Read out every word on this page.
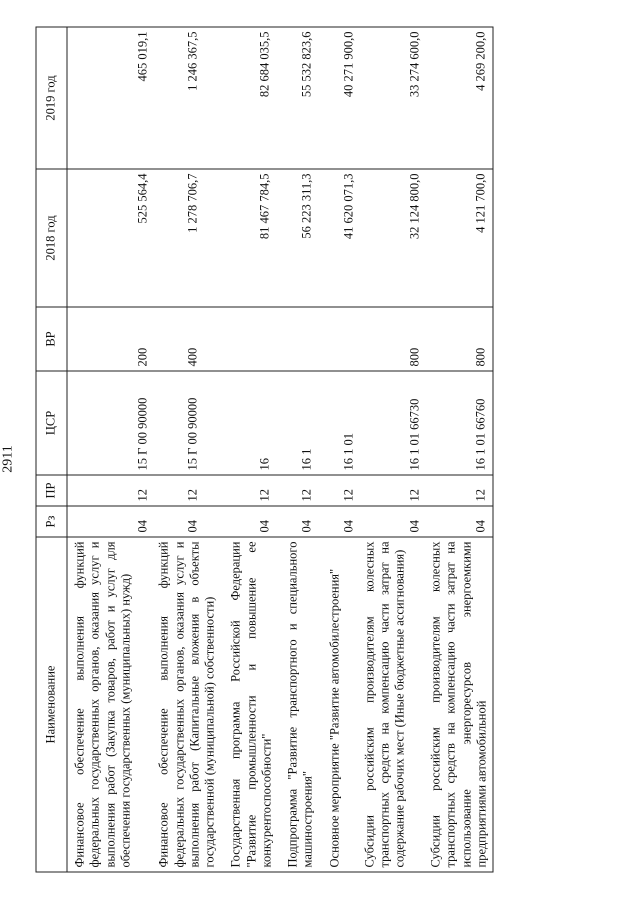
2911
Наименование	Рз	ПР	ЦСР	ВР	2018 год	2019 год
Финансовое обеспечение выполнения функций федеральных государственных органов, оказания услуг и выполнения работ (Закупка товаров, работ и услуг для обеспечения государственных (муниципальных) нужд)	04	12	15 Г 00 90000	200	525 564,4	465 019,1
Финансовое обеспечение выполнения функций федеральных государственных органов, оказания услуг и выполнения работ (Капитальные вложения в объекты государственной (муниципальной) собственности)	04	12	15 Г 00 90000	400	1 278 706,7	1 246 367,5
Государственная программа Российской Федерации "Развитие промышленности и повышение ее конкурентоспособности"	04	12	16		81 467 784,5	82 684 035,5
Подпрограмма "Развитие транспортного и специального машиностроения"	04	12	16 1		56 223 311,3	55 532 823,6
Основное мероприятие "Развитие автомобилестроения"	04	12	16 1 01		41 620 071,3	40 271 900,0
Субсидии российским производителям колесных транспортных средств на компенсацию части затрат на содержание рабочих мест (Иные бюджетные ассигнования)	04	12	16 1 01 66730	800	32 124 800,0	33 274 600,0
Субсидии российским производителям колесных транспортных средств на компенсацию части затрат на использование энергоресурсов энергоемкими предприятиями автомобильной	04	12	16 1 01 66760	800	4 121 700,0	4 269 200,0
